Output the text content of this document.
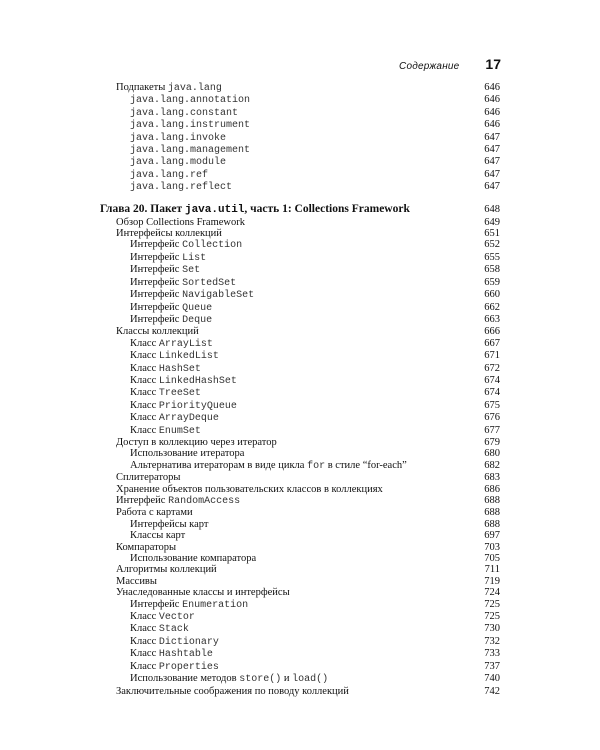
Содержание 17
Подпакеты java.lang	646
java.lang.annotation	646
java.lang.constant	646
java.lang.instrument	646
java.lang.invoke	647
java.lang.management	647
java.lang.module	647
java.lang.ref	647
java.lang.reflect	647
Глава 20. Пакет java.util, часть 1: Collections Framework	648
Обзор Collections Framework	649
Интерфейсы коллекций	651
Интерфейс Collection	652
Интерфейс List	655
Интерфейс Set	658
Интерфейс SortedSet	659
Интерфейс NavigableSet	660
Интерфейс Queue	662
Интерфейс Deque	663
Классы коллекций	666
Класс ArrayList	667
Класс LinkedList	671
Класс HashSet	672
Класс LinkedHashSet	674
Класс TreeSet	674
Класс PriorityQueue	675
Класс ArrayDeque	676
Класс EnumSet	677
Доступ в коллекцию через итератор	679
Использование итератора	680
Альтернатива итераторам в виде цикла for в стиле “for-each”	682
Сплитераторы	683
Хранение объектов пользовательских классов в коллекциях	686
Интерфейс RandomAccess	688
Работа с картами	688
Интерфейсы карт	688
Классы карт	697
Компараторы	703
Использование компаратора	705
Алгоритмы коллекций	711
Массивы	719
Унаследованные классы и интерфейсы	724
Интерфейс Enumeration	725
Класс Vector	725
Класс Stack	730
Класс Dictionary	732
Класс Hashtable	733
Класс Properties	737
Использование методов store() и load()	740
Заключительные соображения по поводу коллекций	742
